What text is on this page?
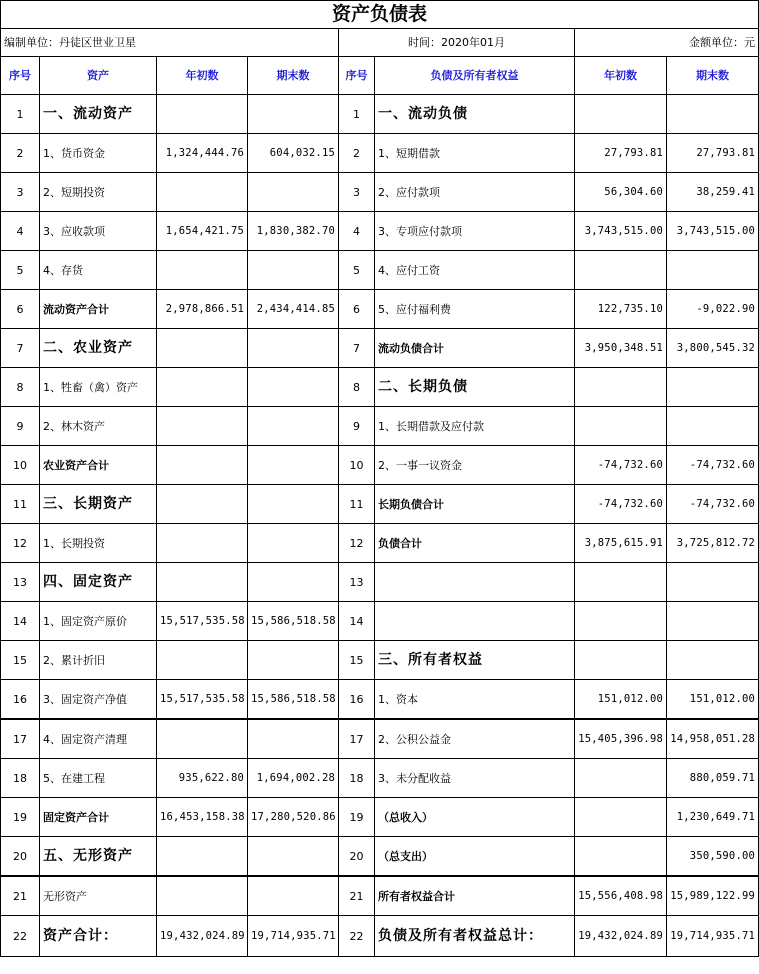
资产负债表							
编制单位：丹徒区世业卫星				时间：2020年01月		金额单位：元	
序号	资产	年初数	期末数	序号	负债及所有者权益	年初数	期末数
1	一、流动资产			1	一、流动负债		
2	1、货币资金	1,324,444.76	604,032.15	2	1、短期借款	27,793.81	27,793.81
3	2、短期投资			3	2、应付款项	56,304.60	38,259.41
4	3、应收款项	1,654,421.75	1,830,382.70	4	3、专项应付款项	3,743,515.00	3,743,515.00
5	4、存货			5	4、应付工资		
6	流动资产合计	2,978,866.51	2,434,414.85	6	5、应付福利费	122,735.10	-9,022.90
7	二、农业资产			7	流动负债合计	3,950,348.51	3,800,545.32
8	1、牲畜（禽）资产			8	二、长期负债		
9	2、林木资产			9	1、长期借款及应付款		
10	农业资产合计			10	2、一事一议资金	-74,732.60	-74,732.60
11	三、长期资产			11	长期负债合计	-74,732.60	-74,732.60
12	1、长期投资			12	负债合计	3,875,615.91	3,725,812.72
13	四、固定资产			13			
14	1、固定资产原价	15,517,535.58	15,586,518.58	14			
15	2、累计折旧			15	三、所有者权益		
16	3、固定资产净值	15,517,535.58	15,586,518.58	16	1、资本	151,012.00	151,012.00
17	4、固定资产清理			17	2、公积公益金	15,405,396.98	14,958,051.28
18	5、在建工程	935,622.80	1,694,002.28	18	3、未分配收益		880,059.71
19	固定资产合计	16,453,158.38	17,280,520.86	19	（总收入）		1,230,649.71
20	五、无形资产			20	（总支出）		350,590.00
21	无形资产			21	所有者权益合计	15,556,408.98	15,989,122.99
22	资产合计：	19,432,024.89	19,714,935.71	22	负债及所有者权益总计：	19,432,024.89	19,714,935.71
